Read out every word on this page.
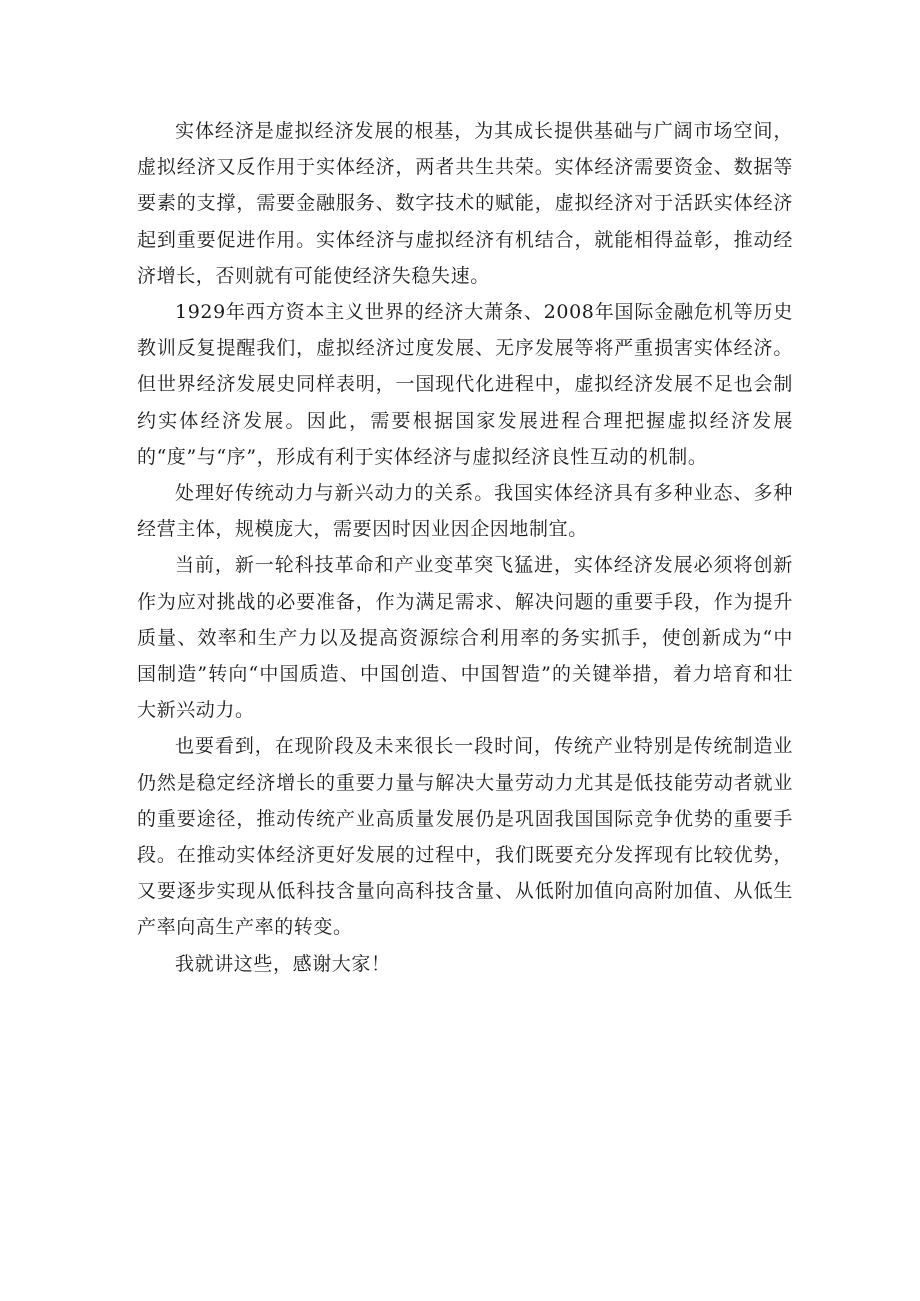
实体经济是虚拟经济发展的根基，为其成长提供基础与广阔市场空间，虚拟经济又反作用于实体经济，两者共生共荣。实体经济需要资金、数据等要素的支撑，需要金融服务、数字技术的赋能，虚拟经济对于活跃实体经济起到重要促进作用。实体经济与虚拟经济有机结合，就能相得益彰，推动经济增长，否则就有可能使经济失稳失速。

1929年西方资本主义世界的经济大萧条、2008年国际金融危机等历史教训反复提醒我们，虚拟经济过度发展、无序发展等将严重损害实体经济。但世界经济发展史同样表明，一国现代化进程中，虚拟经济发展不足也会制约实体经济发展。因此，需要根据国家发展进程合理把握虚拟经济发展的“度”与“序”，形成有利于实体经济与虚拟经济良性互动的机制。

处理好传统动力与新兴动力的关系。我国实体经济具有多种业态、多种经营主体，规模庞大，需要因时因业因企因地制宜。

当前，新一轮科技革命和产业变革突飞猛进，实体经济发展必须将创新作为应对挑战的必要准备，作为满足需求、解决问题的重要手段，作为提升质量、效率和生产力以及提高资源综合利用率的务实抓手，使创新成为“中国制造”转向“中国质造、中国创造、中国智造”的关键举措，着力培育和壮大新兴动力。

也要看到，在现阶段及未来很长一段时间，传统产业特别是传统制造业仍然是稳定经济增长的重要力量与解决大量劳动力尤其是低技能劳动者就业的重要途径，推动传统产业高质量发展仍是巩固我国国际竞争优势的重要手段。在推动实体经济更好发展的过程中，我们既要充分发挥现有比较优势，又要逐步实现从低科技含量向高科技含量、从低附加值向高附加值、从低生产率向高生产率的转变。

我就讲这些，感谢大家！
